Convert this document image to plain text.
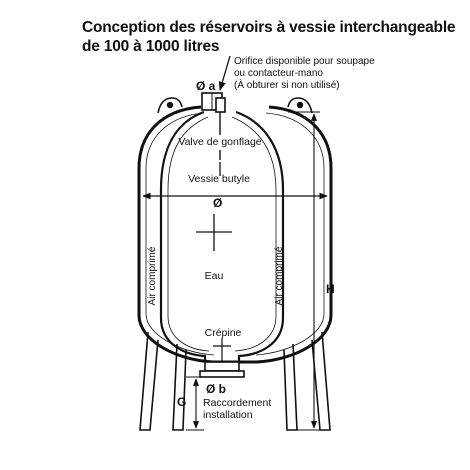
Conception des réservoirs à vessie interchangeable
de 100 à 1000 litres
Orifice disponible pour soupape
ou contacteur-mano
(À obturer si non utilisé)
Ø a
Valve de gonflage
Vessie butyle
Ø
Eau
Air comprimé	Air comprimé
Crépine
Ø b
Raccordement
installation
H
G
